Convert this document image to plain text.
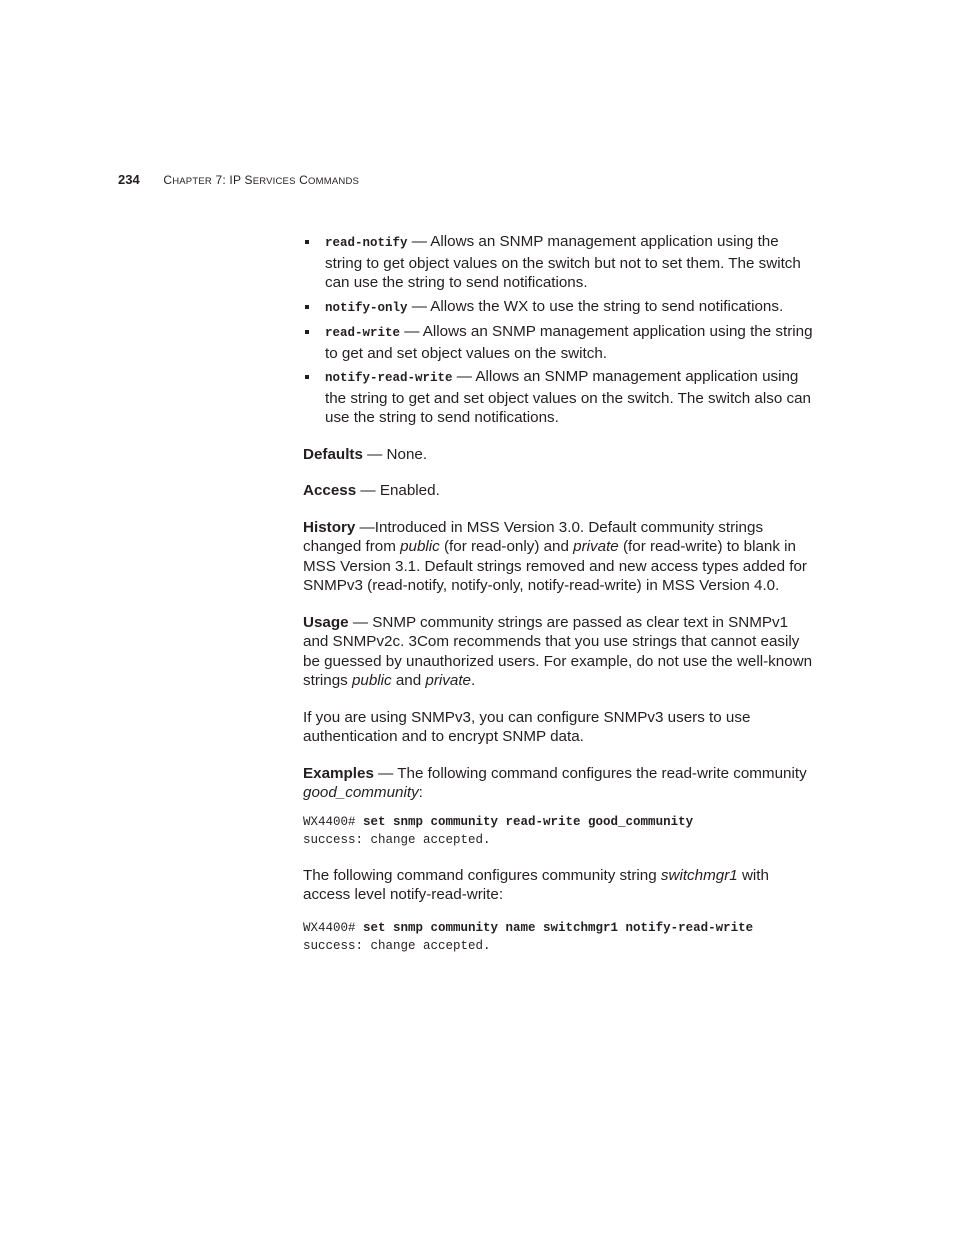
234 CHAPTER 7: IP SERVICES COMMANDS
read-notify — Allows an SNMP management application using the string to get object values on the switch but not to set them. The switch can use the string to send notifications.
notify-only — Allows the WX to use the string to send notifications.
read-write — Allows an SNMP management application using the string to get and set object values on the switch.
notify-read-write — Allows an SNMP management application using the string to get and set object values on the switch. The switch also can use the string to send notifications.

Defaults — None.

Access — Enabled.

History —Introduced in MSS Version 3.0. Default community strings changed from public (for read-only) and private (for read-write) to blank in MSS Version 3.1. Default strings removed and new access types added for SNMPv3 (read-notify, notify-only, notify-read-write) in MSS Version 4.0.

Usage — SNMP community strings are passed as clear text in SNMPv1 and SNMPv2c. 3Com recommends that you use strings that cannot easily be guessed by unauthorized users. For example, do not use the well-known strings public and private.

If you are using SNMPv3, you can configure SNMPv3 users to use authentication and to encrypt SNMP data.

Examples — The following command configures the read-write community good_community:

WX4400# set snmp community read-write good_community
success: change accepted.

The following command configures community string switchmgr1 with access level notify-read-write:

WX4400# set snmp community name switchmgr1 notify-read-write
success: change accepted.
